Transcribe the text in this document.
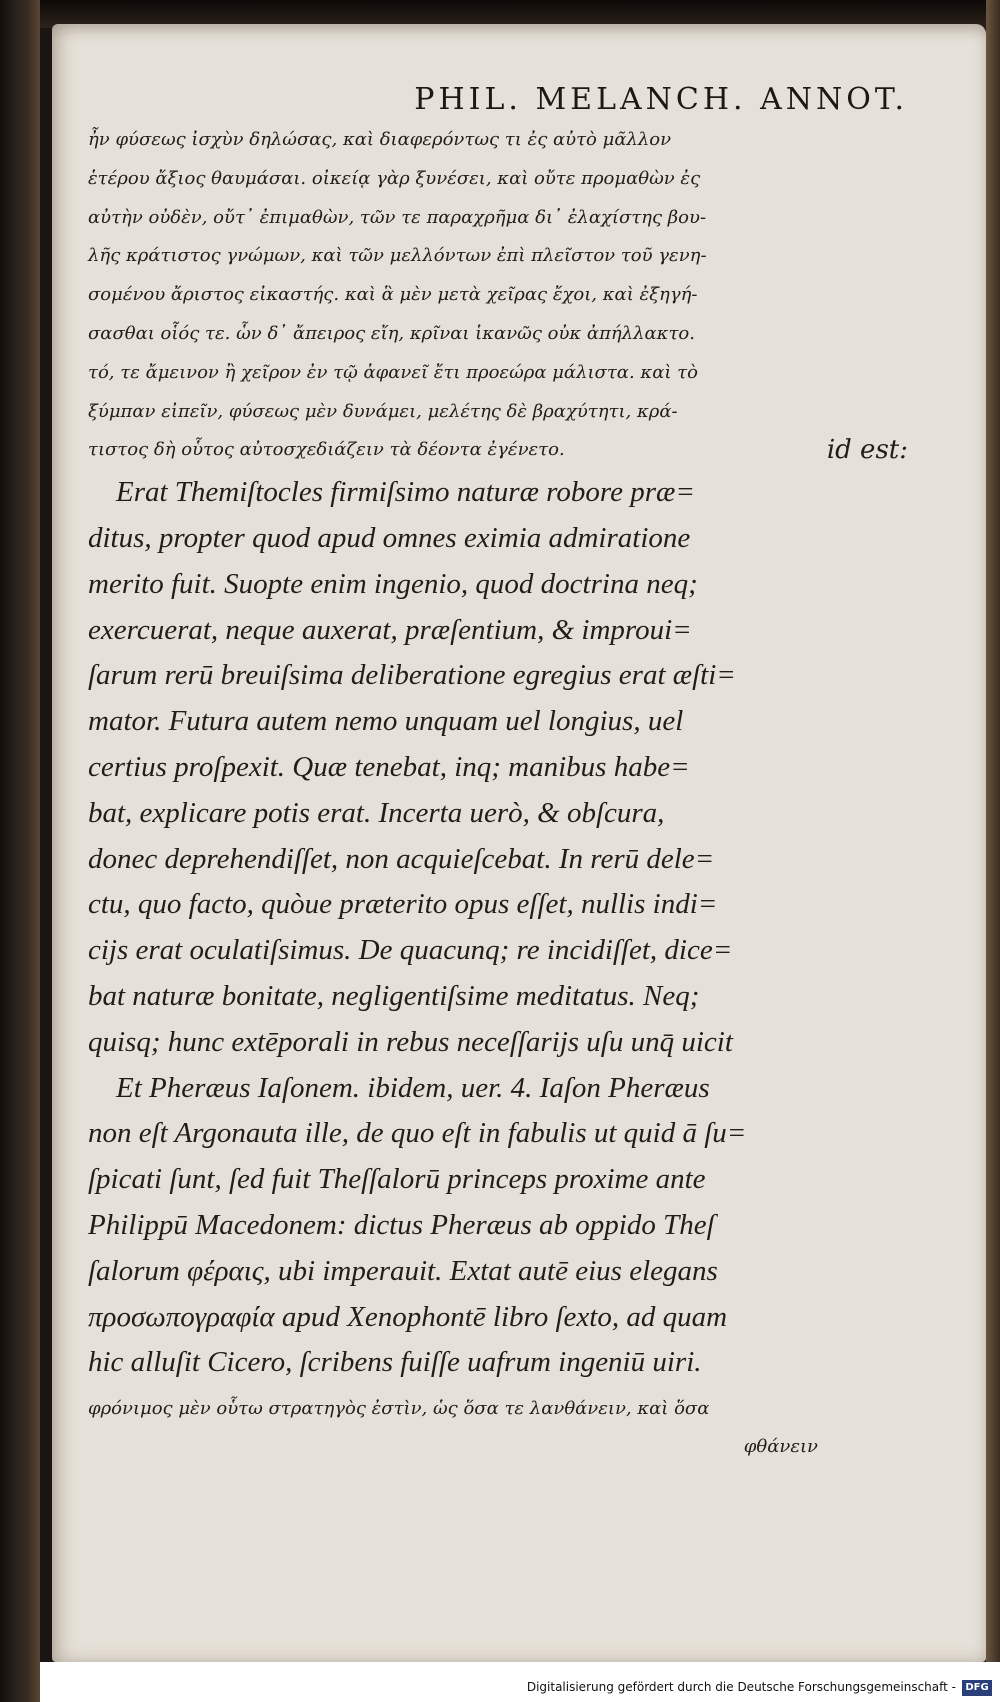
PHIL. MELANCH. ANNOT.
ἦν φύσεως ἰσχὺν δηλώσας, καὶ διαφερόντως τι ἐς αὐτὸ μᾶλλον
ἑτέρου ἄξιος θαυμάσαι. οἰκείᾳ γὰρ ξυνέσει, καὶ οὔτε προμαθὼν ἐς
αὐτὴν οὐδὲν, οὔτ᾽ ἐπιμαθὼν, τῶν τε παραχρῆμα δι᾽ ἐλαχίστης βου-
λῆς κράτιστος γνώμων, καὶ τῶν μελλόντων ἐπὶ πλεῖστον τοῦ γενη-
σομένου ἄριστος εἰκαστής. καὶ ἃ μὲν μετὰ χεῖρας ἔχοι, καὶ ἐξηγή-
σασθαι οἷός τε. ὧν δ᾽ ἄπειρος εἴη, κρῖναι ἱκανῶς οὐκ ἀπήλλακτο.
τό, τε ἄμεινον ἢ χεῖρον ἐν τῷ ἀφανεῖ ἔτι προεώρα μάλιστα. καὶ τὸ
ξύμπαν εἰπεῖν, φύσεως μὲν δυνάμει, μελέτης δὲ βραχύτητι, κρά-
τιστος δὴ οὗτος αὐτοσχεδιάζειν τὰ δέοντα ἐγένετο.	id est:
Erat Themiſtocles firmiſsimo naturæ robore præ=
ditus, propter quod apud omnes eximia admiratione
merito fuit. Suopte enim ingenio, quod doctrina neq;
exercuerat, neque auxerat, præſentium, & improui=
ſarum rerū breuiſsima deliberatione egregius erat æſti=
mator. Futura autem nemo unquam uel longius, uel
certius proſpexit. Quæ tenebat, inq; manibus habe=
bat, explicare potis erat. Incerta uerò, & obſcura,
donec deprehendiſſet, non acquieſcebat. In rerū dele=
ctu, quo facto, quòue præterito opus eſſet, nullis indi=
cijs erat oculatiſsimus. De quacunq; re incidiſſet, dice=
bat naturæ bonitate, negligentiſsime meditatus. Neq;
quisq; hunc extēporali in rebus neceſſarijs uſu unq̄ uicit
Et Pheræus Iaſonem. ibidem, uer. 4. Iaſon Pheræus
non eſt Argonauta ille, de quo eſt in fabulis ut quid ā ſu=
ſpicati ſunt, ſed fuit Theſſalorū princeps proxime ante
Philippū Macedonem: dictus Pheræus ab oppido Theſ
ſalorum φέραις, ubi imperauit. Extat autē eius elegans
προσωπογραφία apud Xenophontē libro ſexto, ad quam
hic alluſit Cicero, ſcribens fuiſſe uafrum ingeniū uiri.
φρόνιμος μὲν οὗτω στρατηγὸς ἐστὶν, ὡς ὅσα τε λανθάνειν, καὶ ὅσα
φθάνειν
Digitalisierung gefördert durch die Deutsche Forschungsgemeinschaft - DFG
